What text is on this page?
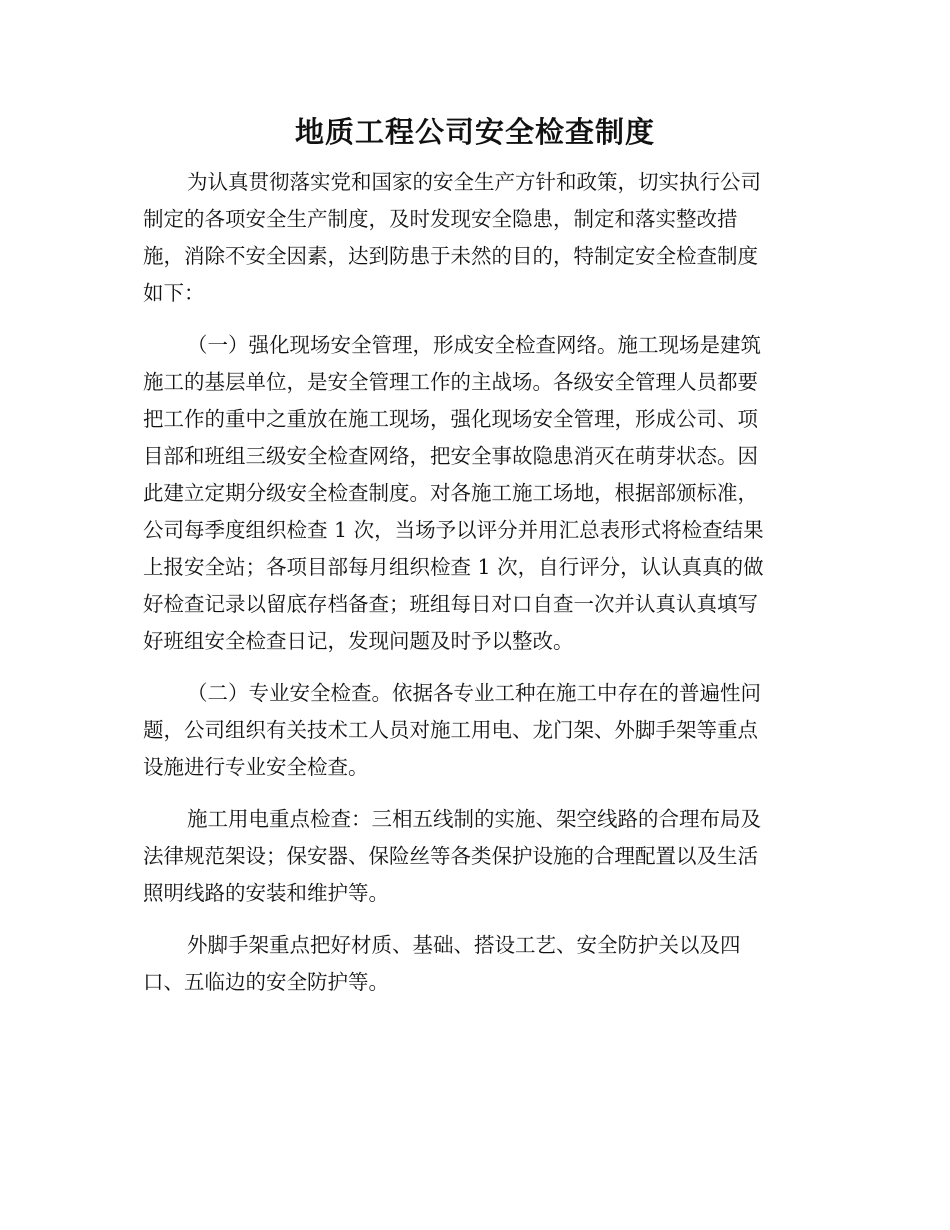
地质工程公司安全检查制度
为认真贯彻落实党和国家的安全生产方针和政策，切实执行公司
制定的各项安全生产制度，及时发现安全隐患，制定和落实整改措
施，消除不安全因素，达到防患于未然的目的，特制定安全检查制度
如下：
（一）强化现场安全管理，形成安全检查网络。施工现场是建筑
施工的基层单位，是安全管理工作的主战场。各级安全管理人员都要
把工作的重中之重放在施工现场，强化现场安全管理，形成公司、项
目部和班组三级安全检查网络，把安全事故隐患消灭在萌芽状态。因
此建立定期分级安全检查制度。对各施工施工场地，根据部颁标准，
公司每季度组织检查 1 次，当场予以评分并用汇总表形式将检查结果
上报安全站；各项目部每月组织检查 1 次，自行评分，认认真真的做
好检查记录以留底存档备查；班组每日对口自查一次并认真认真填写
好班组安全检查日记，发现问题及时予以整改。
（二）专业安全检查。依据各专业工种在施工中存在的普遍性问
题，公司组织有关技术工人员对施工用电、龙门架、外脚手架等重点
设施进行专业安全检查。
施工用电重点检查：三相五线制的实施、架空线路的合理布局及
法律规范架设；保安器、保险丝等各类保护设施的合理配置以及生活
照明线路的安装和维护等。
外脚手架重点把好材质、基础、搭设工艺、安全防护关以及四
口、五临边的安全防护等。
